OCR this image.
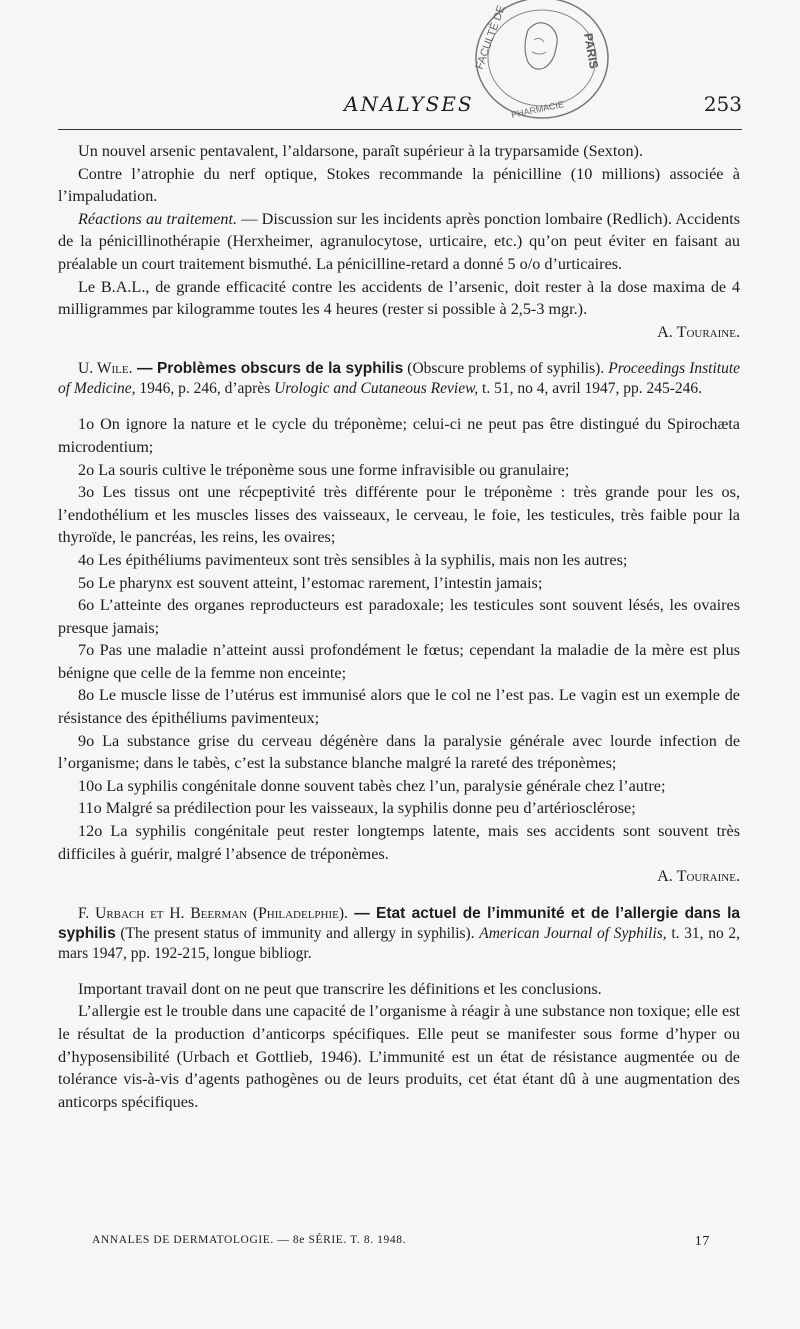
FACULTÉ DE	PARIS
PHARMACIE
ANALYSES	253

Un nouvel arsenic pentavalent, l’aldarsone, paraît supérieur à la tryparsamide (Sexton).

Contre l’atrophie du nerf optique, Stokes recommande la pénicilline (10 millions) associée à l’impaludation.

Réactions au traitement. — Discussion sur les incidents après ponction lombaire (Redlich). Accidents de la pénicillinothérapie (Herxheimer, agranulocytose, urticaire, etc.) qu’on peut éviter en faisant au préalable un court traitement bismuthé. La pénicilline-retard a donné 5 o/o d’urticaires.

Le B.A.L., de grande efficacité contre les accidents de l’arsenic, doit rester à la dose maxima de 4 milligrammes par kilogramme toutes les 4 heures (rester si possible à 2,5-3 mgr.).

A. Touraine.

U. Wile. — Problèmes obscurs de la syphilis (Obscure problems of syphilis). Proceedings Institute of Medicine, 1946, p. 246, d’après Urologic and Cutaneous Review, t. 51, no 4, avril 1947, pp. 245-246.

1o On ignore la nature et le cycle du tréponème; celui-ci ne peut pas être distingué du Spirochæta microdentium;

2o La souris cultive le tréponème sous une forme infravisible ou granulaire;

3o Les tissus ont une récpeptivité très différente pour le tréponème : très grande pour les os, l’endothélium et les muscles lisses des vaisseaux, le cerveau, le foie, les testicules, très faible pour la thyroïde, le pancréas, les reins, les ovaires;

4o Les épithéliums pavimenteux sont très sensibles à la syphilis, mais non les autres;

5o Le pharynx est souvent atteint, l’estomac rarement, l’intestin jamais;

6o L’atteinte des organes reproducteurs est paradoxale; les testicules sont souvent lésés, les ovaires presque jamais;

7o Pas une maladie n’atteint aussi profondément le fœtus; cependant la maladie de la mère est plus bénigne que celle de la femme non enceinte;

8o Le muscle lisse de l’utérus est immunisé alors que le col ne l’est pas. Le vagin est un exemple de résistance des épithéliums pavimenteux;

9o La substance grise du cerveau dégénère dans la paralysie générale avec lourde infection de l’organisme; dans le tabès, c’est la substance blanche malgré la rareté des tréponèmes;

10o La syphilis congénitale donne souvent tabès chez l’un, paralysie générale chez l’autre;

11o Malgré sa prédilection pour les vaisseaux, la syphilis donne peu d’artériosclérose;

12o La syphilis congénitale peut rester longtemps latente, mais ses accidents sont souvent très difficiles à guérir, malgré l’absence de tréponèmes.

A. Touraine.

F. Urbach et H. Beerman (Philadelphie). — Etat actuel de l’immunité et de l’allergie dans la syphilis (The present status of immunity and allergy in syphilis). American Journal of Syphilis, t. 31, no 2, mars 1947, pp. 192-215, longue bibliogr.

Important travail dont on ne peut que transcrire les définitions et les conclusions.

L’allergie est le trouble dans une capacité de l’organisme à réagir à une substance non toxique; elle est le résultat de la production d’anticorps spécifiques. Elle peut se manifester sous forme d’hyper ou d’hyposensibilité (Urbach et Gottlieb, 1946). L’immunité est un état de résistance augmentée ou de tolérance vis-à-vis d’agents pathogènes ou de leurs produits, cet état étant dû à une augmentation des anticorps spécifiques.

ANNALES DE DERMATOLOGIE. — 8e SÉRIE. T. 8. 1948.	17
